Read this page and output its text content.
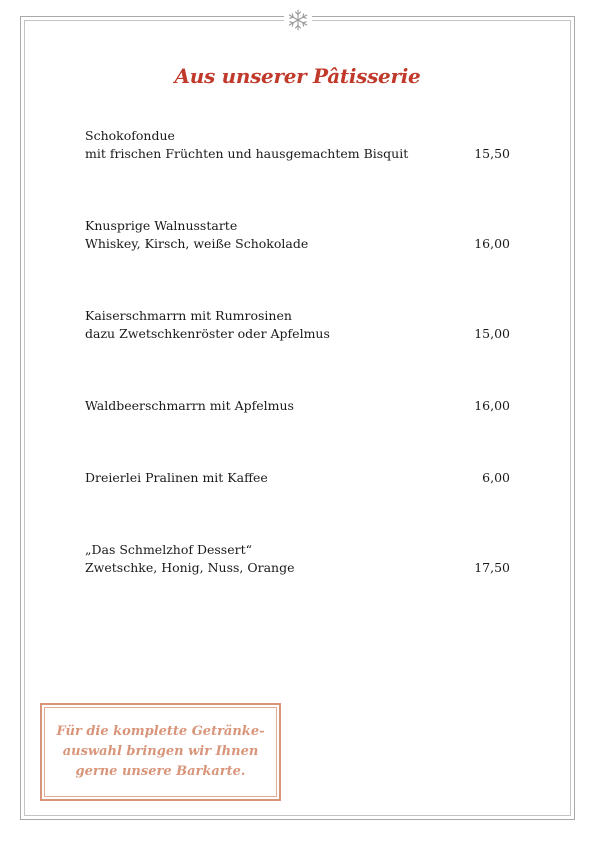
Aus unserer Pâtisserie
Schokofondue
mit frischen Früchten und hausgemachtem Bisquit	15,50
Knusprige Walnusstarte
Whiskey, Kirsch, weiße Schokolade	16,00
Kaiserschmarrn mit Rumrosinen
dazu Zwetschkenröster oder Apfelmus	15,00
Waldbeerschmarrn mit Apfelmus	16,00
Dreierlei Pralinen mit Kaffee	6,00
„Das Schmelzhof Dessert“
Zwetschke, Honig, Nuss, Orange	17,50
Für die komplette Getränke-
auswahl bringen wir Ihnen
gerne unsere Barkarte.
